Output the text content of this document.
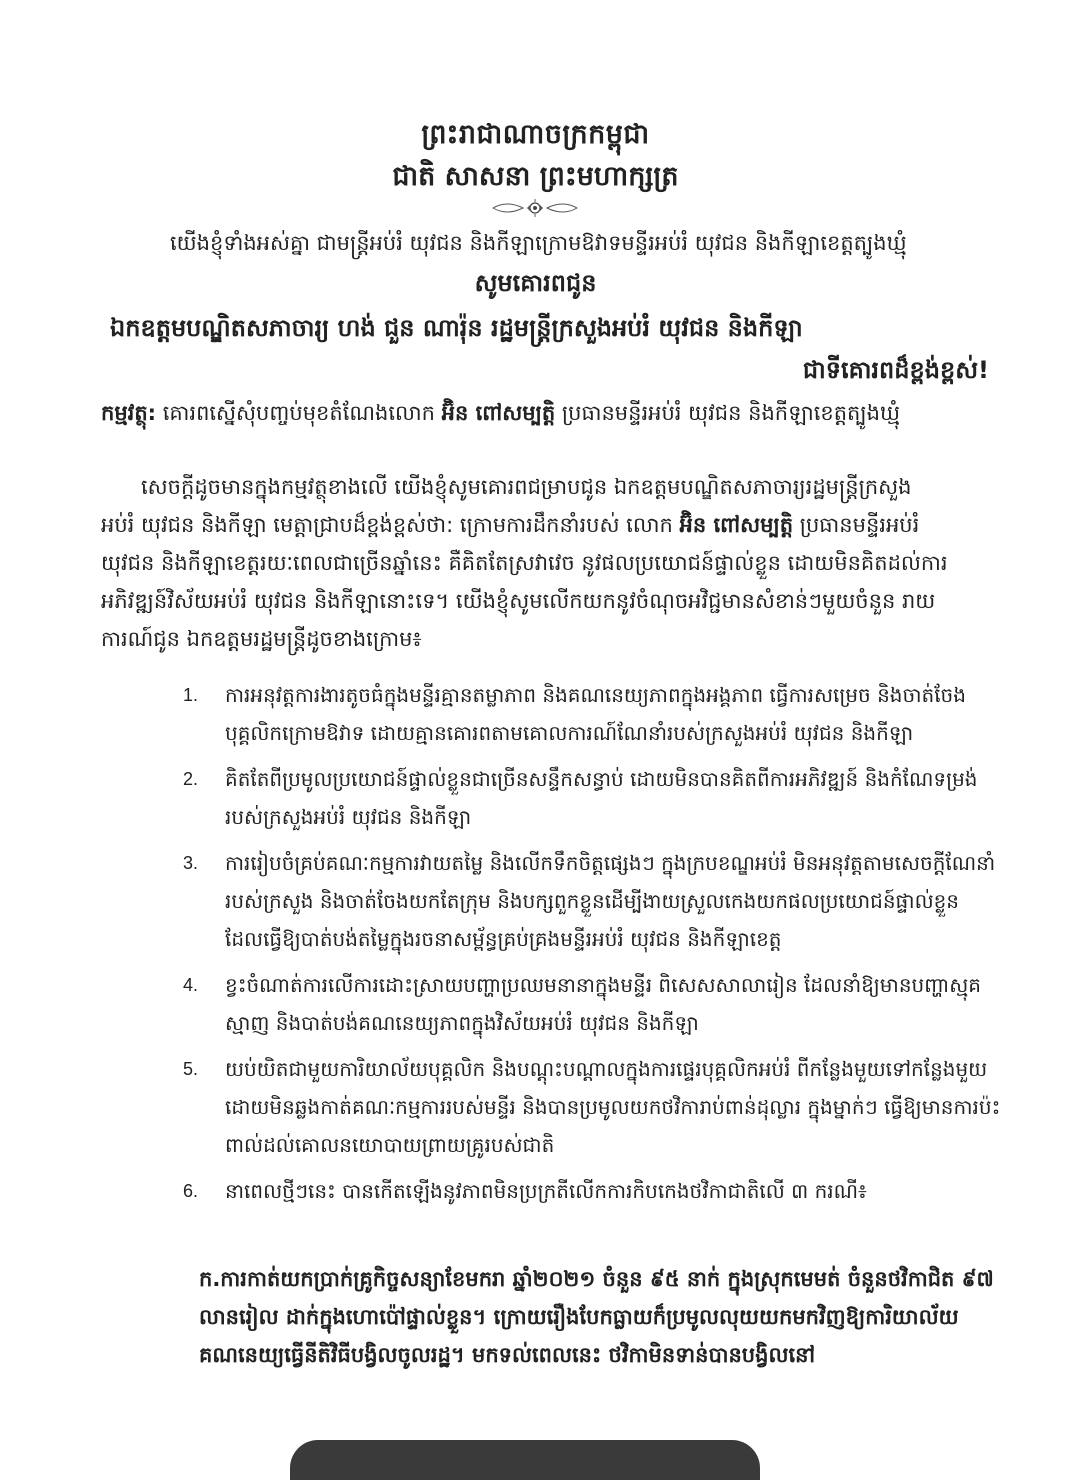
ព្រះរាជាណាចក្រកម្ពុជា
ជាតិ សាសនា ព្រះមហាក្សត្រ
យើងខ្ញុំទាំងអស់គ្នា ជាមន្ត្រីអប់រំ យុវជន និងកីឡាក្រោមឱវាទមន្ទីរអប់រំ យុវជន និងកីឡាខេត្តត្បូងឃ្មុំ
សូមគោរពជូន
ឯកឧត្តមបណ្ឌិតសភាចារ្យ ហង់ ជួន ណារ៉ុន រដ្ឋមន្ត្រីក្រសួងអប់រំ យុវជន និងកីឡា
ជាទីគោរពដ៏ខ្ពង់ខ្ពស់!
កម្មវត្ថុ: គោរពស្នើសុំបញ្ចប់មុខតំណែងលោក អ៊ិន ពៅសម្បត្តិ ប្រធានមន្ទីរអប់រំ យុវជន និងកីឡាខេត្តត្បូងឃ្មុំ
សេចក្តីដូចមានក្នុងកម្មវត្ថុខាងលើ យើងខ្ញុំសូមគោរពជម្រាបជូន ឯកឧត្តមបណ្ឌិតសភាចារ្យរដ្ឋមន្ត្រីក្រសួង
អប់រំ យុវជន និងកីឡា មេត្តាជ្រាបដ៏ខ្ពង់ខ្ពស់ថា: ក្រោមការដឹកនាំរបស់ លោក អ៊ិន ពៅសម្បត្តិ ប្រធានមន្ទីរអប់រំ
យុវជន និងកីឡាខេត្តរយៈពេលជាច្រើនឆ្នាំនេះ គឺគិតតែស្រវាវេច នូវផលប្រយោជន៍ផ្ទាល់ខ្លួន ដោយមិនគិតដល់ការ
អភិវឌ្ឍន៍វិស័យអប់រំ យុវជន និងកីឡានោះទេ។ យើងខ្ញុំសូមលើកយកនូវចំណុចអវិជ្ជមានសំខាន់ៗមួយចំនួន រាយ
ការណ៍ជូន ឯកឧត្តមរដ្ឋមន្ត្រីដូចខាងក្រោម៖
1.	ការអនុវត្តការងារតូចធំក្នុងមន្ទីរគ្មានតម្លាភាព និងគណនេយ្យភាពក្នុងអង្គភាព ធ្វើការសម្រេច និងចាត់ចែងបុគ្គលិកក្រោមឱវាទ ដោយគ្មានគោរពតាមគោលការណ៍ណែនាំរបស់ក្រសួងអប់រំ យុវជន និងកីឡា
2.	គិតតែពីប្រមូលប្រយោជន៍ផ្ទាល់ខ្លួនជាច្រើនសន្ទឹកសន្ធាប់ ដោយមិនបានគិតពីការអភិវឌ្ឍន៍ និងកំណែទម្រង់របស់ក្រសួងអប់រំ យុវជន និងកីឡា
3.	ការរៀបចំគ្រប់គណៈកម្មការវាយតម្លៃ និងលើកទឹកចិត្តផ្សេងៗ ក្នុងក្របខណ្ឌអប់រំ មិនអនុវត្តតាមសេចក្តីណែនាំរបស់ក្រសួង និងចាត់ចែងយកតែក្រុម និងបក្សពួកខ្លួនដើម្បីងាយស្រួលកេងយកផលប្រយោជន៍ផ្ទាល់ខ្លួន ដែលធ្វើឱ្យបាត់បង់តម្លៃក្នុងរចនាសម្ព័ន្ធគ្រប់គ្រងមន្ទីរអប់រំ យុវជន និងកីឡាខេត្ត
4.	ខ្វះចំណាត់ការលើការដោះស្រាយបញ្ហាប្រឈមនានាក្នុងមន្ទីរ ពិសេសសាលារៀន ដែលនាំឱ្យមានបញ្ហាស្មុគស្មាញ និងបាត់បង់គណនេយ្យភាពក្នុងវិស័យអប់រំ យុវជន និងកីឡា
5.	យប់យិតជាមួយការិយាល័យបុគ្គលិក និងបណ្តុះបណ្តាលក្នុងការផ្ទេរបុគ្គលិកអប់រំ ពីកន្លែងមួយទៅកន្លែងមួយដោយមិនឆ្លងកាត់គណៈកម្មការរបស់មន្ទីរ និងបានប្រមូលយកថវិការាប់ពាន់ដុល្លារ ក្នុងម្នាក់ៗ ធ្វើឱ្យមានការប៉ះពាល់ដល់គោលនយោបាយព្រាយគ្រូរបស់ជាតិ
6.	នាពេលថ្មីៗនេះ បានកើតឡើងនូវភាពមិនប្រក្រតីលើកការកិបកេងថវិកាជាតិលើ ៣ ករណី៖
ក.ការកាត់យកប្រាក់គ្រូកិច្ចសន្យាខែមករា ឆ្នាំ២០២១ ចំនួន ៩៥ នាក់ ក្នុងស្រុកមេមត់ ចំនួនថវិកាជិត ៩៧ លានរៀល ដាក់ក្នុងហោប៉ៅផ្ទាល់ខ្លួន។ ក្រោយរឿងបែកធ្លាយក៏ប្រមូលលុយយកមកវិញឱ្យការិយាល័យគណនេយ្យធ្វើនីតិវិធីបង្វិលចូលរដ្ឋ។ មកទល់ពេលនេះ ថវិកាមិនទាន់បានបង្វិលនៅ
